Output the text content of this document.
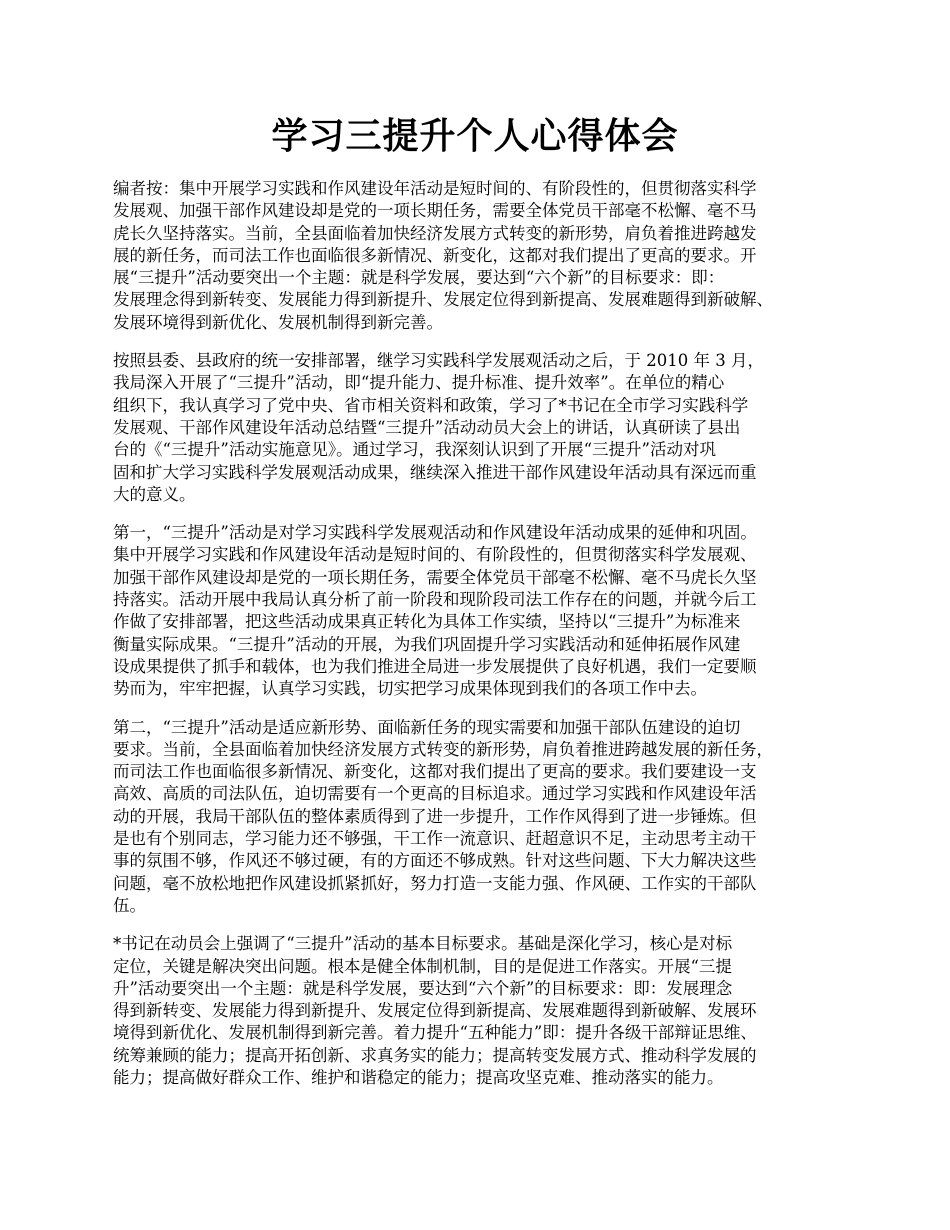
学习三提升个人心得体会

编者按：集中开展学习实践和作风建设年活动是短时间的、有阶段性的，但贯彻落实科学
发展观、加强干部作风建设却是党的一项长期任务，需要全体党员干部毫不松懈、毫不马
虎长久坚持落实。当前，全县面临着加快经济发展方式转变的新形势，肩负着推进跨越发
展的新任务，而司法工作也面临很多新情况、新变化，这都对我们提出了更高的要求。开
展“三提升”活动要突出一个主题：就是科学发展，要达到“六个新”的目标要求：即：
发展理念得到新转变、发展能力得到新提升、发展定位得到新提高、发展难题得到新破解、
发展环境得到新优化、发展机制得到新完善。

按照县委、县政府的统一安排部署，继学习实践科学发展观活动之后，于 2010 年 3 月，
我局深入开展了“三提升”活动，即“提升能力、提升标准、提升效率”。在单位的精心
组织下，我认真学习了党中央、省市相关资料和政策，学习了*书记在全市学习实践科学
发展观、干部作风建设年活动总结暨“三提升”活动动员大会上的讲话，认真研读了县出
台的《“三提升”活动实施意见》。通过学习，我深刻认识到了开展“三提升”活动对巩
固和扩大学习实践科学发展观活动成果，继续深入推进干部作风建设年活动具有深远而重
大的意义。

第一，“三提升”活动是对学习实践科学发展观活动和作风建设年活动成果的延伸和巩固。
集中开展学习实践和作风建设年活动是短时间的、有阶段性的，但贯彻落实科学发展观、
加强干部作风建设却是党的一项长期任务，需要全体党员干部毫不松懈、毫不马虎长久坚
持落实。活动开展中我局认真分析了前一阶段和现阶段司法工作存在的问题，并就今后工
作做了安排部署，把这些活动成果真正转化为具体工作实绩，坚持以“三提升”为标准来
衡量实际成果。“三提升”活动的开展，为我们巩固提升学习实践活动和延伸拓展作风建
设成果提供了抓手和载体，也为我们推进全局进一步发展提供了良好机遇，我们一定要顺
势而为，牢牢把握，认真学习实践，切实把学习成果体现到我们的各项工作中去。

第二，“三提升”活动是适应新形势、面临新任务的现实需要和加强干部队伍建设的迫切
要求。当前，全县面临着加快经济发展方式转变的新形势，肩负着推进跨越发展的新任务，
而司法工作也面临很多新情况、新变化，这都对我们提出了更高的要求。我们要建设一支
高效、高质的司法队伍，迫切需要有一个更高的目标追求。通过学习实践和作风建设年活
动的开展，我局干部队伍的整体素质得到了进一步提升，工作作风得到了进一步锤炼。但
是也有个别同志，学习能力还不够强，干工作一流意识、赶超意识不足，主动思考主动干
事的氛围不够，作风还不够过硬，有的方面还不够成熟。针对这些问题、下大力解决这些
问题，毫不放松地把作风建设抓紧抓好，努力打造一支能力强、作风硬、工作实的干部队
伍。

*书记在动员会上强调了“三提升”活动的基本目标要求。基础是深化学习，核心是对标
定位，关键是解决突出问题。根本是健全体制机制，目的是促进工作落实。开展“三提
升”活动要突出一个主题：就是科学发展，要达到“六个新”的目标要求：即：发展理念
得到新转变、发展能力得到新提升、发展定位得到新提高、发展难题得到新破解、发展环
境得到新优化、发展机制得到新完善。着力提升“五种能力”即：提升各级干部辩证思维、
统筹兼顾的能力；提高开拓创新、求真务实的能力；提高转变发展方式、推动科学发展的
能力；提高做好群众工作、维护和谐稳定的能力；提高攻坚克难、推动落实的能力。
